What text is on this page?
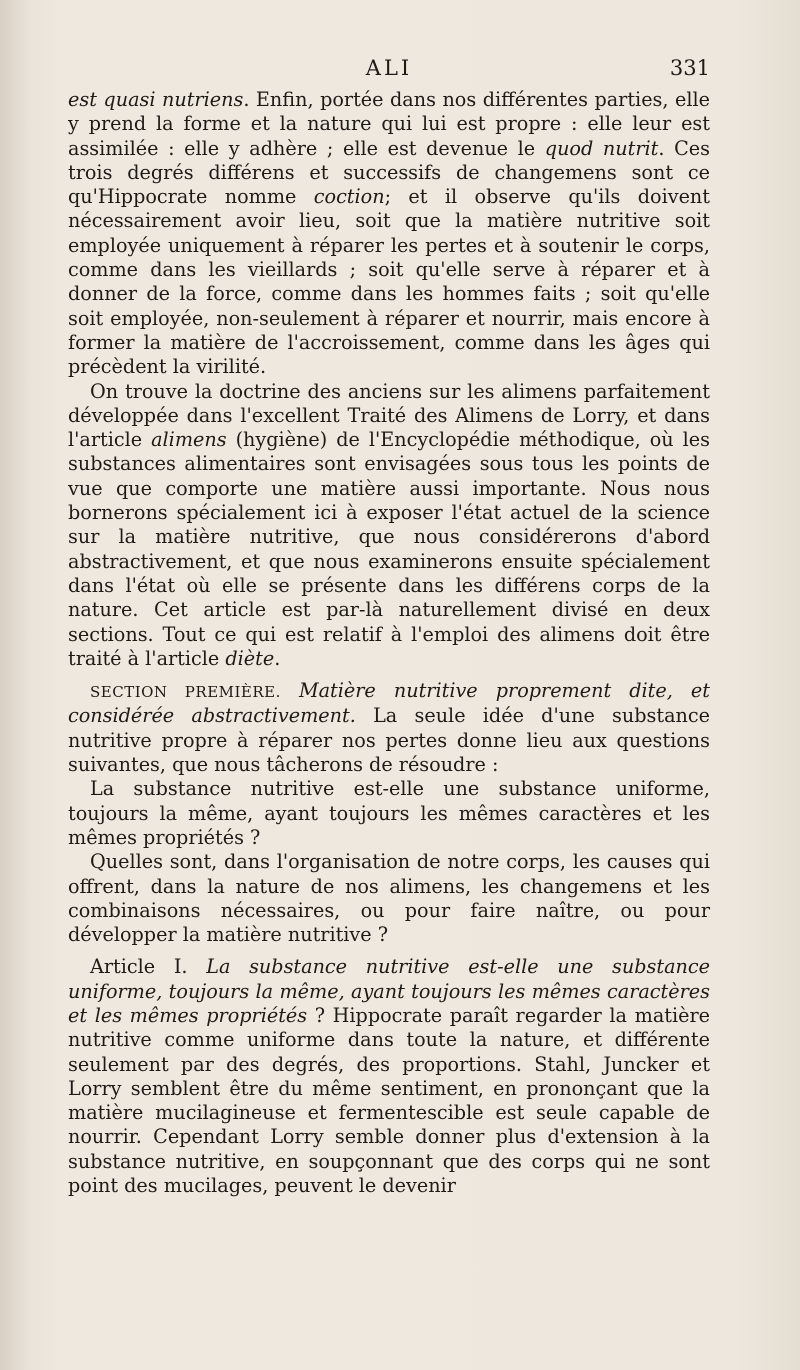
ALI	331

est quasi nutriens. Enfin, portée dans nos différentes parties, elle y prend la forme et la nature qui lui est propre : elle leur est assimilée : elle y adhère ; elle est devenue le quod nutrit. Ces trois degrés différens et successifs de changemens sont ce qu'Hippocrate nomme coction; et il observe qu'ils doivent nécessairement avoir lieu, soit que la matière nutritive soit employée uniquement à réparer les pertes et à soutenir le corps, comme dans les vieillards ; soit qu'elle serve à réparer et à donner de la force, comme dans les hommes faits ; soit qu'elle soit employée, non-seulement à réparer et nourrir, mais encore à former la matière de l'accroissement, comme dans les âges qui précèdent la virilité.

On trouve la doctrine des anciens sur les alimens parfaitement développée dans l'excellent Traité des Alimens de Lorry, et dans l'article alimens (hygiène) de l'Encyclopédie méthodique, où les substances alimentaires sont envisagées sous tous les points de vue que comporte une matière aussi importante. Nous nous bornerons spécialement ici à exposer l'état actuel de la science sur la matière nutritive, que nous considérerons d'abord abstractivement, et que nous examinerons ensuite spécialement dans l'état où elle se présente dans les différens corps de la nature. Cet article est par-là naturellement divisé en deux sections. Tout ce qui est relatif à l'emploi des alimens doit être traité à l'article diète.

SECTION PREMIÈRE. Matière nutritive proprement dite, et considérée abstractivement. La seule idée d'une substance nutritive propre à réparer nos pertes donne lieu aux questions suivantes, que nous tâcherons de résoudre :

La substance nutritive est-elle une substance uniforme, toujours la même, ayant toujours les mêmes caractères et les mêmes propriétés ?

Quelles sont, dans l'organisation de notre corps, les causes qui offrent, dans la nature de nos alimens, les changemens et les combinaisons nécessaires, ou pour faire naître, ou pour développer la matière nutritive ?

Article I. La substance nutritive est-elle une substance uniforme, toujours la même, ayant toujours les mêmes caractères et les mêmes propriétés ? Hippocrate paraît regarder la matière nutritive comme uniforme dans toute la nature, et différente seulement par des degrés, des proportions. Stahl, Juncker et Lorry semblent être du même sentiment, en prononçant que la matière mucilagineuse et fermentescible est seule capable de nourrir. Cependant Lorry semble donner plus d'extension à la substance nutritive, en soupçonnant que des corps qui ne sont point des mucilages, peuvent le devenir
